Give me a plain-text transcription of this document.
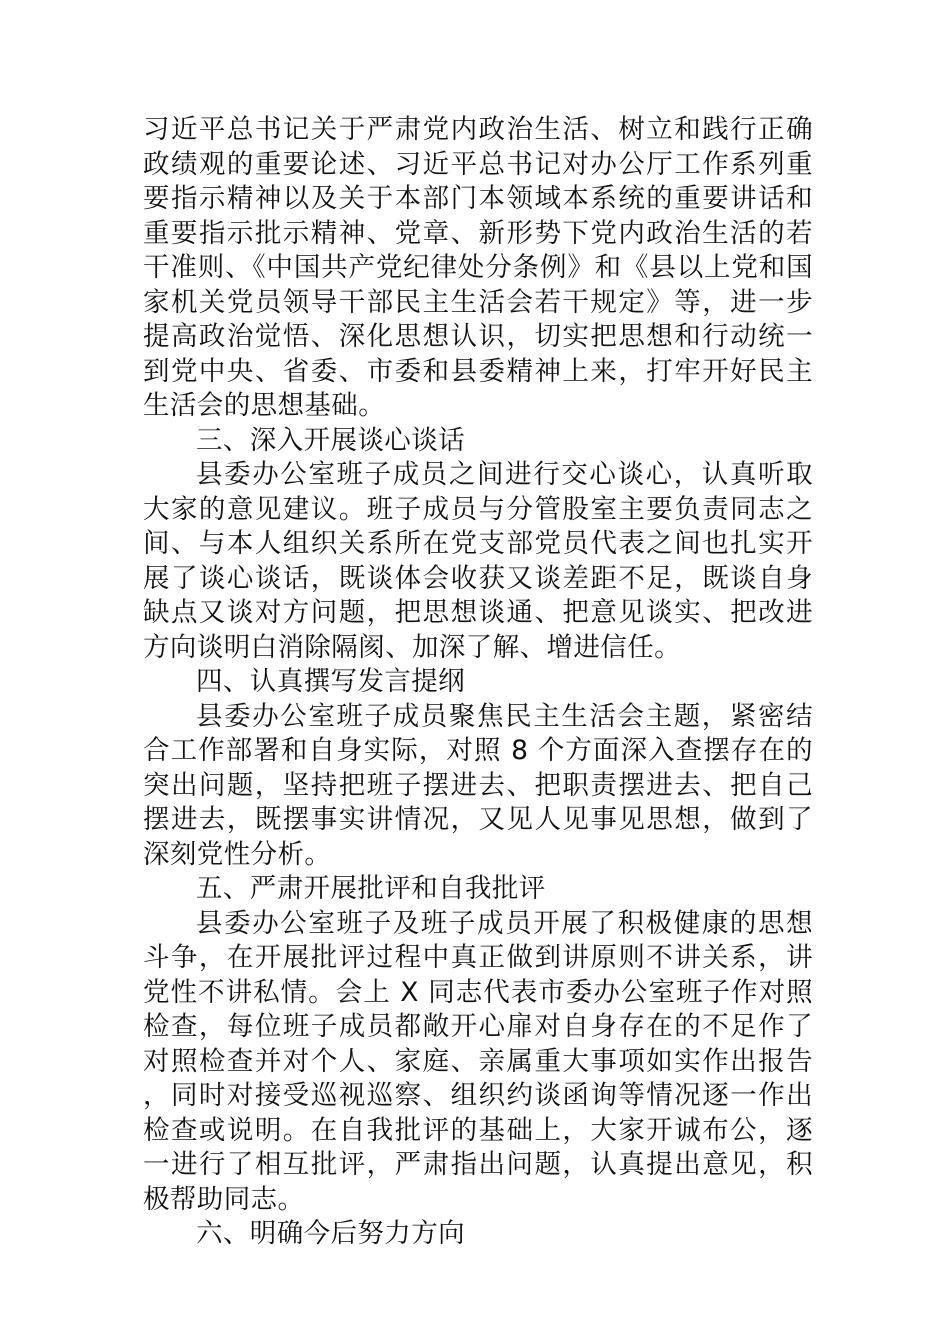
习近平总书记关于严肃党内政治生活、树立和践行正确政绩观的重要论述、习近平总书记对办公厅工作系列重要指示精神以及关于本部门本领域本系统的重要讲话和重要指示批示精神、党章、新形势下党内政治生活的若干准则、《中国共产党纪律处分条例》和《县以上党和国家机关党员领导干部民主生活会若干规定》等，进一步提高政治觉悟、深化思想认识，切实把思想和行动统一到党中央、省委、市委和县委精神上来，打牢开好民主生活会的思想基础。

三、深入开展谈心谈话

县委办公室班子成员之间进行交心谈心，认真听取大家的意见建议。班子成员与分管股室主要负责同志之间、与本人组织关系所在党支部党员代表之间也扎实开展了谈心谈话，既谈体会收获又谈差距不足，既谈自身缺点又谈对方问题，把思想谈通、把意见谈实、把改进方向谈明白消除隔阂、加深了解、增进信任。

四、认真撰写发言提纲

县委办公室班子成员聚焦民主生活会主题，紧密结合工作部署和自身实际，对照 8 个方面深入查摆存在的突出问题，坚持把班子摆进去、把职责摆进去、把自己摆进去，既摆事实讲情况，又见人见事见思想，做到了深刻党性分析。

五、严肃开展批评和自我批评

县委办公室班子及班子成员开展了积极健康的思想斗争，在开展批评过程中真正做到讲原则不讲关系，讲党性不讲私情。会上 X 同志代表市委办公室班子作对照检查，每位班子成员都敞开心扉对自身存在的不足作了对照检查并对个人、家庭、亲属重大事项如实作出报告，同时对接受巡视巡察、组织约谈函询等情况逐一作出检查或说明。在自我批评的基础上，大家开诚布公，逐一进行了相互批评，严肃指出问题，认真提出意见，积极帮助同志。

六、明确今后努力方向
